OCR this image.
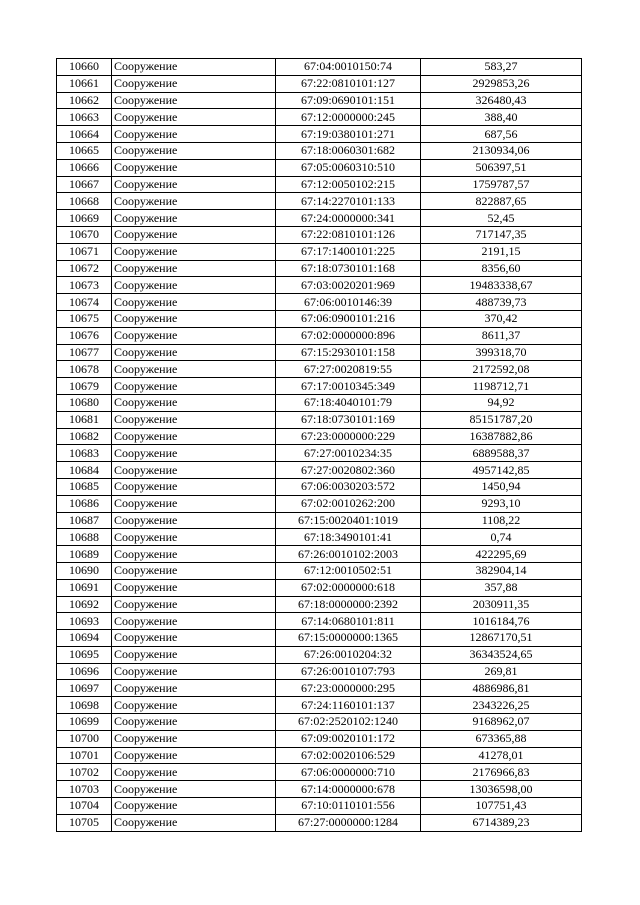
10660	Сооружение	67:04:0010150:74	583,27
10661	Сооружение	67:22:0810101:127	2929853,26
10662	Сооружение	67:09:0690101:151	326480,43
10663	Сооружение	67:12:0000000:245	388,40
10664	Сооружение	67:19:0380101:271	687,56
10665	Сооружение	67:18:0060301:682	2130934,06
10666	Сооружение	67:05:0060310:510	506397,51
10667	Сооружение	67:12:0050102:215	1759787,57
10668	Сооружение	67:14:2270101:133	822887,65
10669	Сооружение	67:24:0000000:341	52,45
10670	Сооружение	67:22:0810101:126	717147,35
10671	Сооружение	67:17:1400101:225	2191,15
10672	Сооружение	67:18:0730101:168	8356,60
10673	Сооружение	67:03:0020201:969	19483338,67
10674	Сооружение	67:06:0010146:39	488739,73
10675	Сооружение	67:06:0900101:216	370,42
10676	Сооружение	67:02:0000000:896	8611,37
10677	Сооружение	67:15:2930101:158	399318,70
10678	Сооружение	67:27:0020819:55	2172592,08
10679	Сооружение	67:17:0010345:349	1198712,71
10680	Сооружение	67:18:4040101:79	94,92
10681	Сооружение	67:18:0730101:169	85151787,20
10682	Сооружение	67:23:0000000:229	16387882,86
10683	Сооружение	67:27:0010234:35	6889588,37
10684	Сооружение	67:27:0020802:360	4957142,85
10685	Сооружение	67:06:0030203:572	1450,94
10686	Сооружение	67:02:0010262:200	9293,10
10687	Сооружение	67:15:0020401:1019	1108,22
10688	Сооружение	67:18:3490101:41	0,74
10689	Сооружение	67:26:0010102:2003	422295,69
10690	Сооружение	67:12:0010502:51	382904,14
10691	Сооружение	67:02:0000000:618	357,88
10692	Сооружение	67:18:0000000:2392	2030911,35
10693	Сооружение	67:14:0680101:811	1016184,76
10694	Сооружение	67:15:0000000:1365	12867170,51
10695	Сооружение	67:26:0010204:32	36343524,65
10696	Сооружение	67:26:0010107:793	269,81
10697	Сооружение	67:23:0000000:295	4886986,81
10698	Сооружение	67:24:1160101:137	2343226,25
10699	Сооружение	67:02:2520102:1240	9168962,07
10700	Сооружение	67:09:0020101:172	673365,88
10701	Сооружение	67:02:0020106:529	41278,01
10702	Сооружение	67:06:0000000:710	2176966,83
10703	Сооружение	67:14:0000000:678	13036598,00
10704	Сооружение	67:10:0110101:556	107751,43
10705	Сооружение	67:27:0000000:1284	6714389,23
